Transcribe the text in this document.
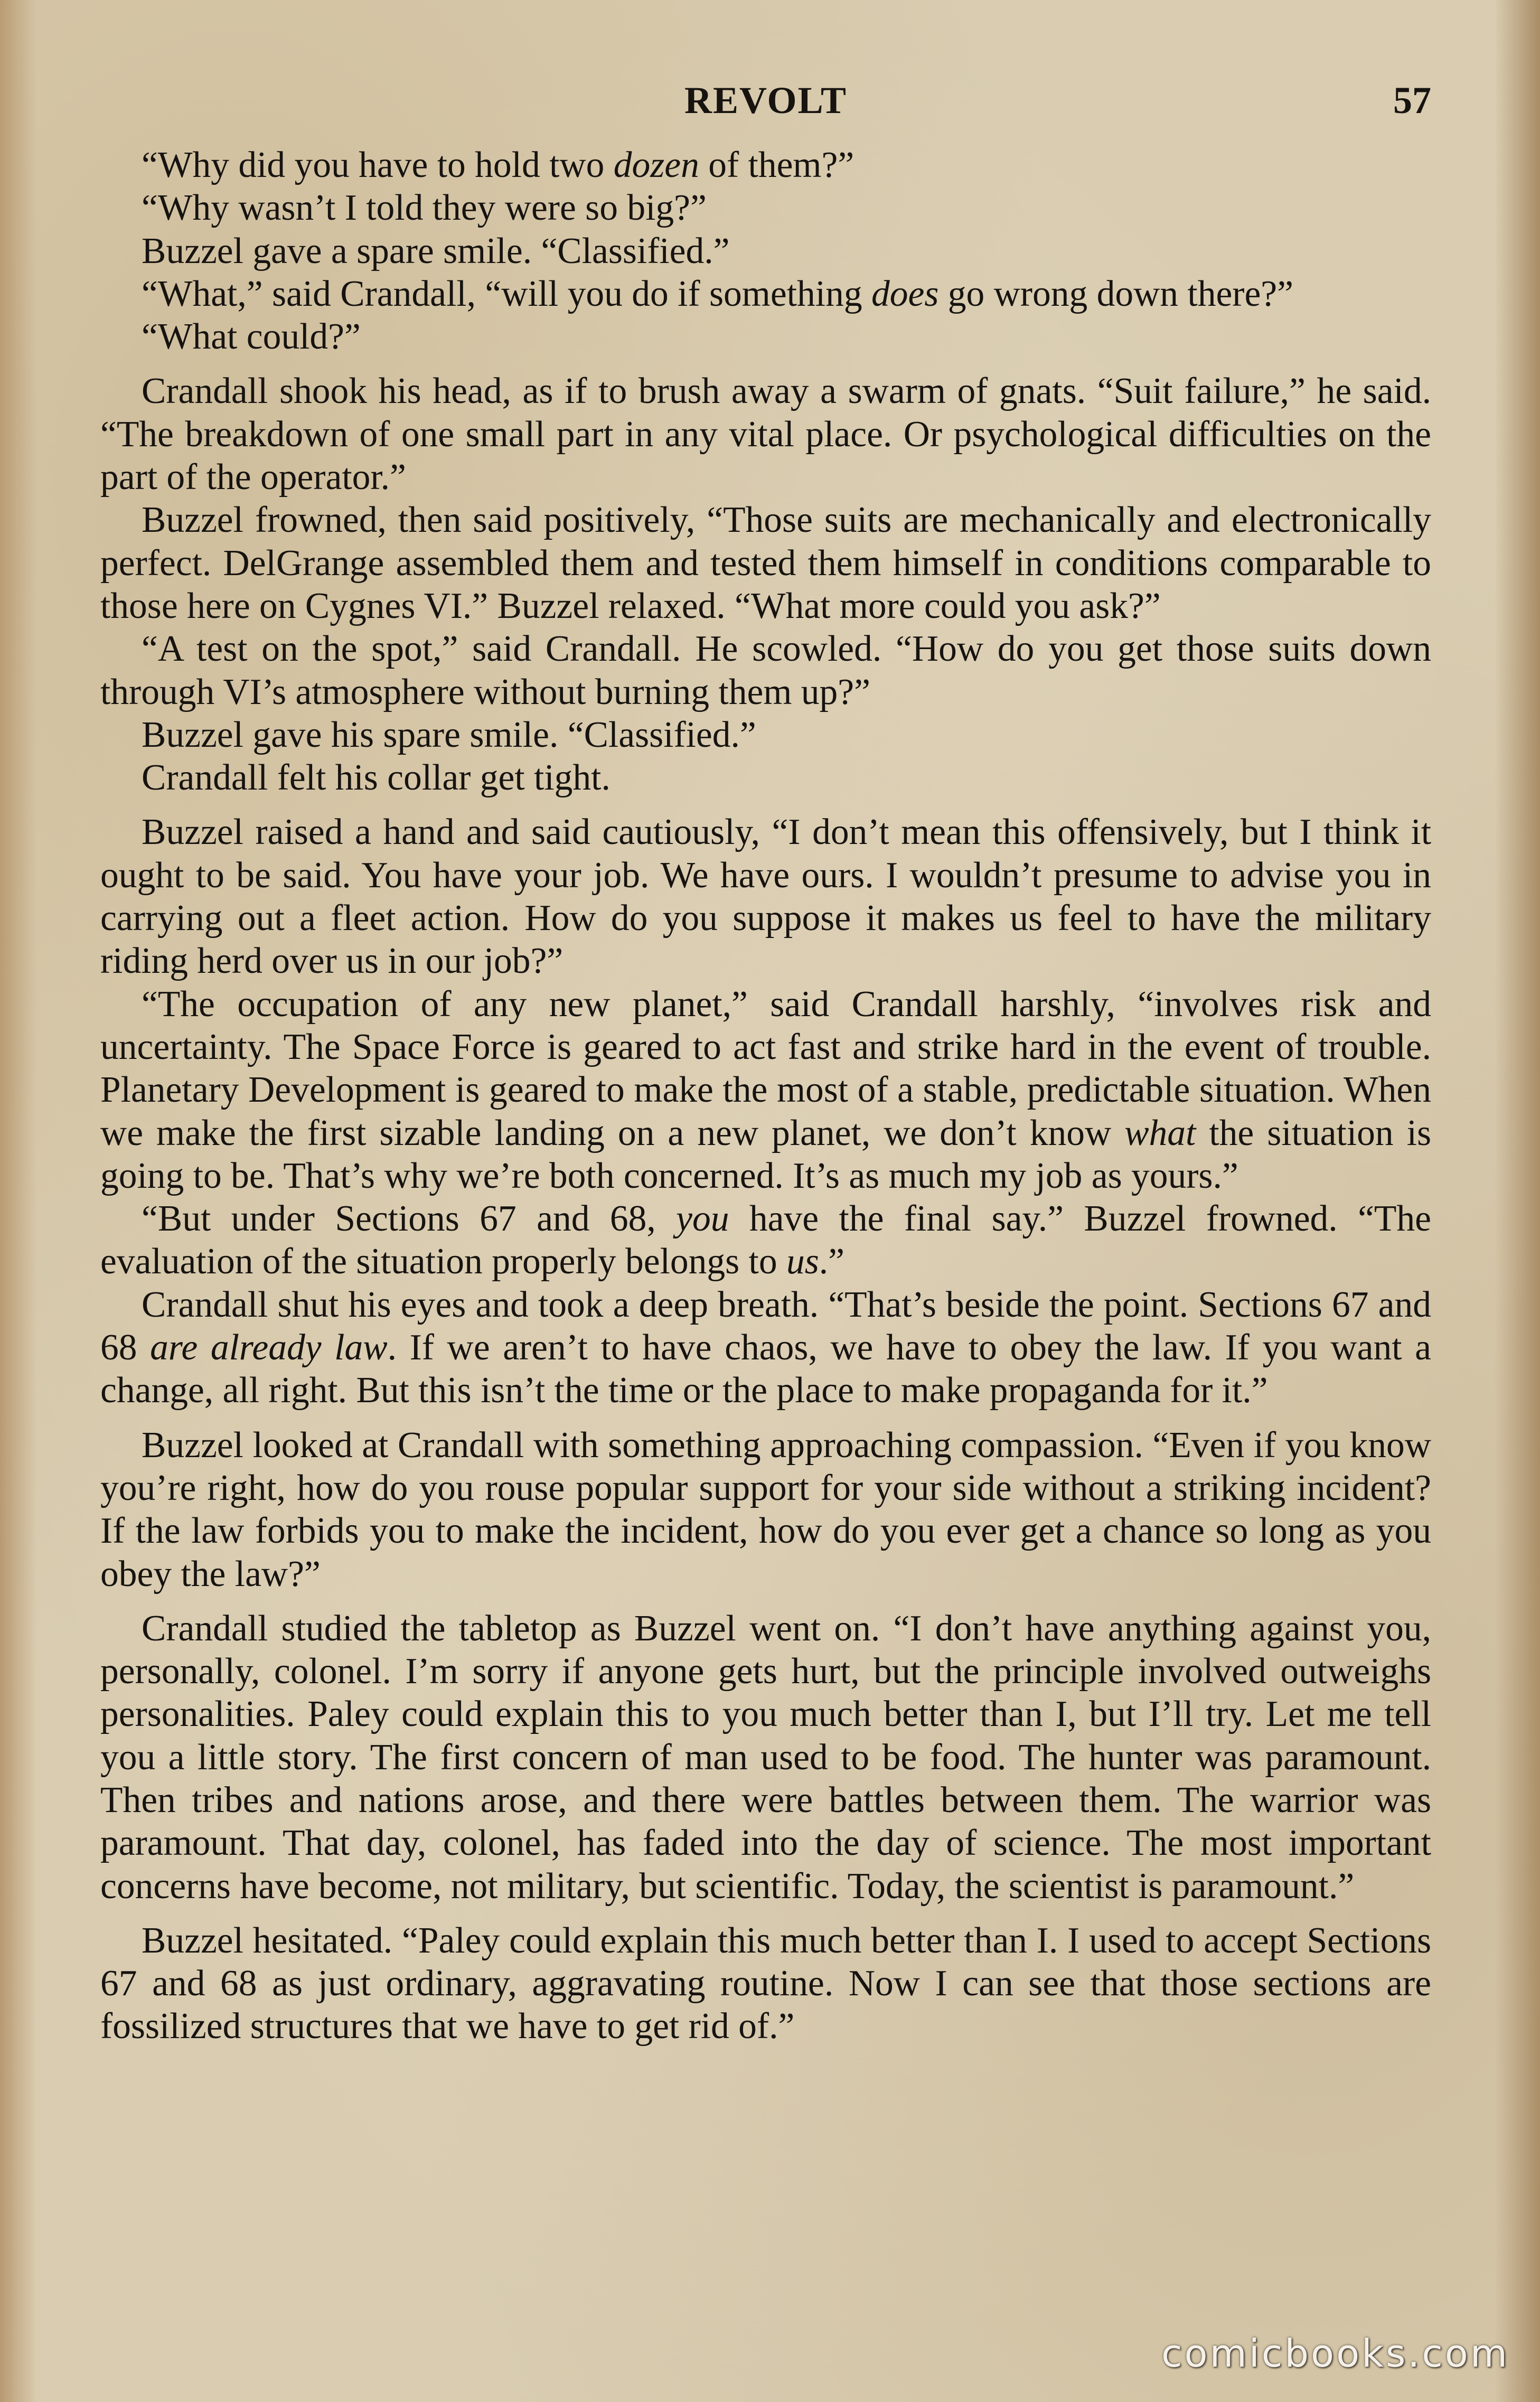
REVOLT	57

“Why did you have to hold two dozen of them?”

“Why wasn’t I told they were so big?”

Buzzel gave a spare smile. “Classified.”

“What,” said Crandall, “will you do if something does go wrong down there?”

“What could?”

Crandall shook his head, as if to brush away a swarm of gnats. “Suit failure,” he said. “The breakdown of one small part in any vital place. Or psychological difficulties on the part of the operator.”

Buzzel frowned, then said positively, “Those suits are mechanically and electronically perfect. DelGrange assembled them and tested them himself in conditions comparable to those here on Cygnes VI.” Buzzel relaxed. “What more could you ask?”

“A test on the spot,” said Crandall. He scowled. “How do you get those suits down through VI’s atmosphere without burning them up?”

Buzzel gave his spare smile. “Classified.”

Crandall felt his collar get tight.

Buzzel raised a hand and said cautiously, “I don’t mean this offensively, but I think it ought to be said. You have your job. We have ours. I wouldn’t presume to advise you in carrying out a fleet action. How do you suppose it makes us feel to have the military riding herd over us in our job?”

“The occupation of any new planet,” said Crandall harshly, “involves risk and uncertainty. The Space Force is geared to act fast and strike hard in the event of trouble. Planetary Development is geared to make the most of a stable, predictable situation. When we make the first sizable landing on a new planet, we don’t know what the situation is going to be. That’s why we’re both concerned. It’s as much my job as yours.”

“But under Sections 67 and 68, you have the final say.” Buzzel frowned. “The evaluation of the situation properly belongs to us.”

Crandall shut his eyes and took a deep breath. “That’s beside the point. Sections 67 and 68 are already law. If we aren’t to have chaos, we have to obey the law. If you want a change, all right. But this isn’t the time or the place to make propaganda for it.”

Buzzel looked at Crandall with something approaching compassion. “Even if you know you’re right, how do you rouse popular support for your side without a striking incident? If the law forbids you to make the incident, how do you ever get a chance so long as you obey the law?”

Crandall studied the tabletop as Buzzel went on. “I don’t have anything against you, personally, colonel. I’m sorry if anyone gets hurt, but the principle involved outweighs personalities. Paley could explain this to you much better than I, but I’ll try. Let me tell you a little story. The first concern of man used to be food. The hunter was paramount. Then tribes and nations arose, and there were battles between them. The warrior was paramount. That day, colonel, has faded into the day of science. The most important concerns have become, not military, but scientific. Today, the scientist is paramount.”

Buzzel hesitated. “Paley could explain this much better than I. I used to accept Sections 67 and 68 as just ordinary, aggravating routine. Now I can see that those sections are fossilized structures that we have to get rid of.”

comicbooks.com
